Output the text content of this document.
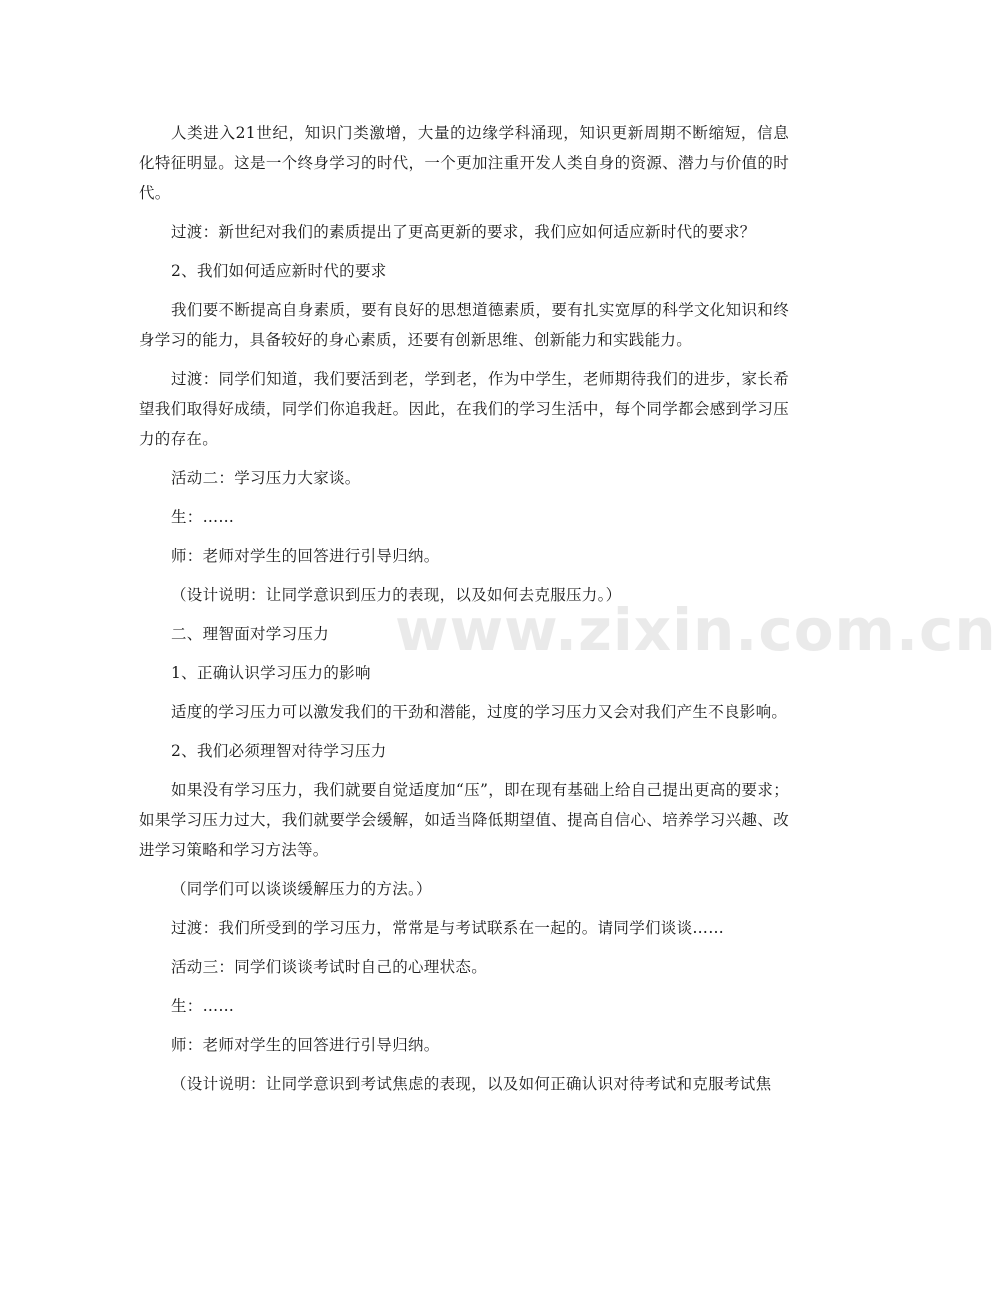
人类进入21世纪，知识门类激增，大量的边缘学科涌现，知识更新周期不断缩短，信息化特征明显。这是一个终身学习的时代，一个更加注重开发人类自身的资源、潜力与价值的时代。

过渡：新世纪对我们的素质提出了更高更新的要求，我们应如何适应新时代的要求？

2、我们如何适应新时代的要求

我们要不断提高自身素质，要有良好的思想道德素质，要有扎实宽厚的科学文化知识和终身学习的能力，具备较好的身心素质，还要有创新思维、创新能力和实践能力。

过渡：同学们知道，我们要活到老，学到老，作为中学生，老师期待我们的进步，家长希望我们取得好成绩，同学们你追我赶。因此，在我们的学习生活中，每个同学都会感到学习压力的存在。

活动二：学习压力大家谈。

生：……

师：老师对学生的回答进行引导归纳。

（设计说明：让同学意识到压力的表现，以及如何去克服压力。）

二、理智面对学习压力

1、正确认识学习压力的影响

适度的学习压力可以激发我们的干劲和潜能，过度的学习压力又会对我们产生不良影响。

2、我们必须理智对待学习压力

如果没有学习压力，我们就要自觉适度加“压”，即在现有基础上给自己提出更高的要求；如果学习压力过大，我们就要学会缓解，如适当降低期望值、提高自信心、培养学习兴趣、改进学习策略和学习方法等。

（同学们可以谈谈缓解压力的方法。）

过渡：我们所受到的学习压力，常常是与考试联系在一起的。请同学们谈谈……

活动三：同学们谈谈考试时自己的心理状态。

生：……

师：老师对学生的回答进行引导归纳。

（设计说明：让同学意识到考试焦虑的表现，以及如何正确认识对待考试和克服考试焦

www.zixin.com.cn
